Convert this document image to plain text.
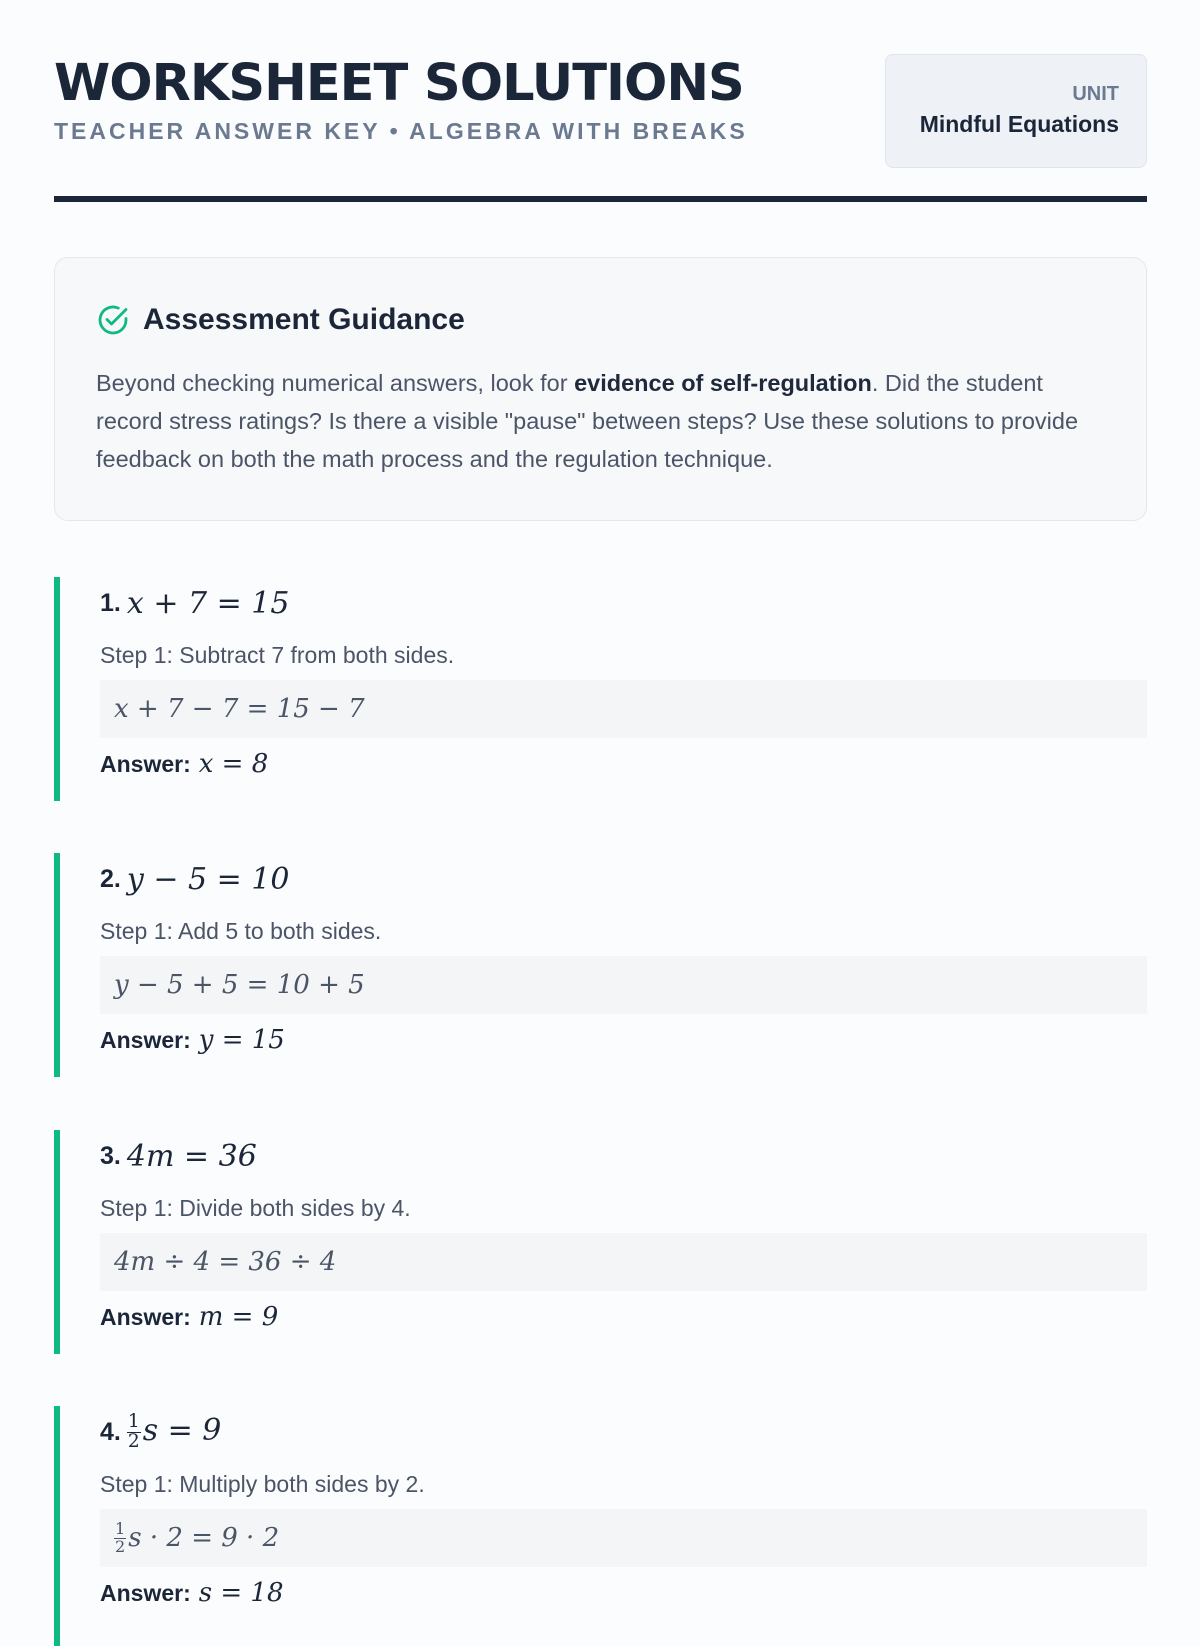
WORKSHEET SOLUTIONS
TEACHER ANSWER KEY • ALGEBRA WITH BREAKS
UNIT
Mindful Equations
Assessment Guidance
Beyond checking numerical answers, look for evidence of self-regulation. Did the student record stress ratings? Is there a visible "pause" between steps? Use these solutions to provide feedback on both the math process and the regulation technique.
1. x + 7 = 15
Step 1: Subtract 7 from both sides.
x + 7 − 7 = 15 − 7
Answer: x = 8
2. y − 5 = 10
Step 1: Add 5 to both sides.
y − 5 + 5 = 10 + 5
Answer: y = 15
3. 4m = 36
Step 1: Divide both sides by 4.
4m ÷ 4 = 36 ÷ 4
Answer: m = 9
4. $\frac{1}{2}$ s = 9
Step 1: Multiply both sides by 2.
$\frac{1}{2}$ s · 2 = 9 · 2
Answer: s = 18
